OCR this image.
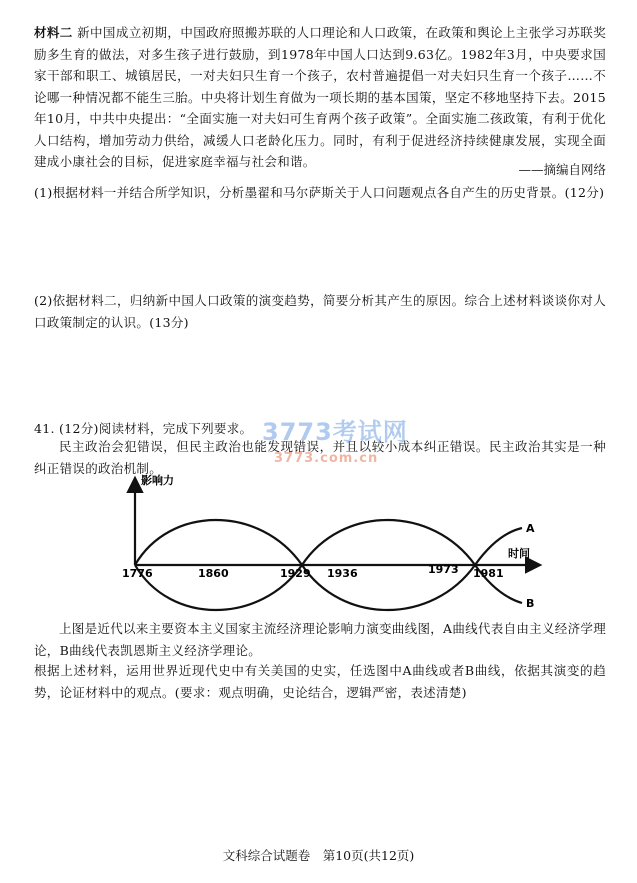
材料二 新中国成立初期，中国政府照搬苏联的人口理论和人口政策，在政策和舆论上主张学习苏联奖励多生育的做法，对多生孩子进行鼓励，到1978年中国人口达到9.63亿。1982年3月，中央要求国家干部和职工、城镇居民，一对夫妇只生育一个孩子，农村普遍提倡一对夫妇只生育一个孩子……不论哪一种情况都不能生三胎。中央将计划生育做为一项长期的基本国策，坚定不移地坚持下去。2015年10月，中共中央提出：“全面实施一对夫妇可生育两个孩子政策”。全面实施二孩政策，有利于优化人口结构，增加劳动力供给，减缓人口老龄化压力。同时，有利于促进经济持续健康发展，实现全面建成小康社会的目标，促进家庭幸福与社会和谐。
——摘编自网络
(1)根据材料一并结合所学知识，分析墨翟和马尔萨斯关于人口问题观点各自产生的历史背景。(12分)
(2)依据材料二，归纳新中国人口政策的演变趋势，简要分析其产生的原因。综合上述材料谈谈你对人口政策制定的认识。(13分)
41. (12分)阅读材料，完成下列要求。
民主政治会犯错误，但民主政治也能发现错误，并且以较小成本纠正错误。民主政治其实是一种纠正错误的政治机制。
3773考试网
3773.com.cn
影响力
时间
A
B
1776	1860	1929 1936	1973 1981
上图是近代以来主要资本主义国家主流经济理论影响力演变曲线图，A曲线代表自由主义经济学理论，B曲线代表凯恩斯主义经济学理论。
根据上述材料，运用世界近现代史中有关美国的史实，任选图中A曲线或者B曲线，依据其演变的趋势，论证材料中的观点。(要求：观点明确，史论结合，逻辑严密，表述清楚)
文科综合试题卷　第10页(共12页)
